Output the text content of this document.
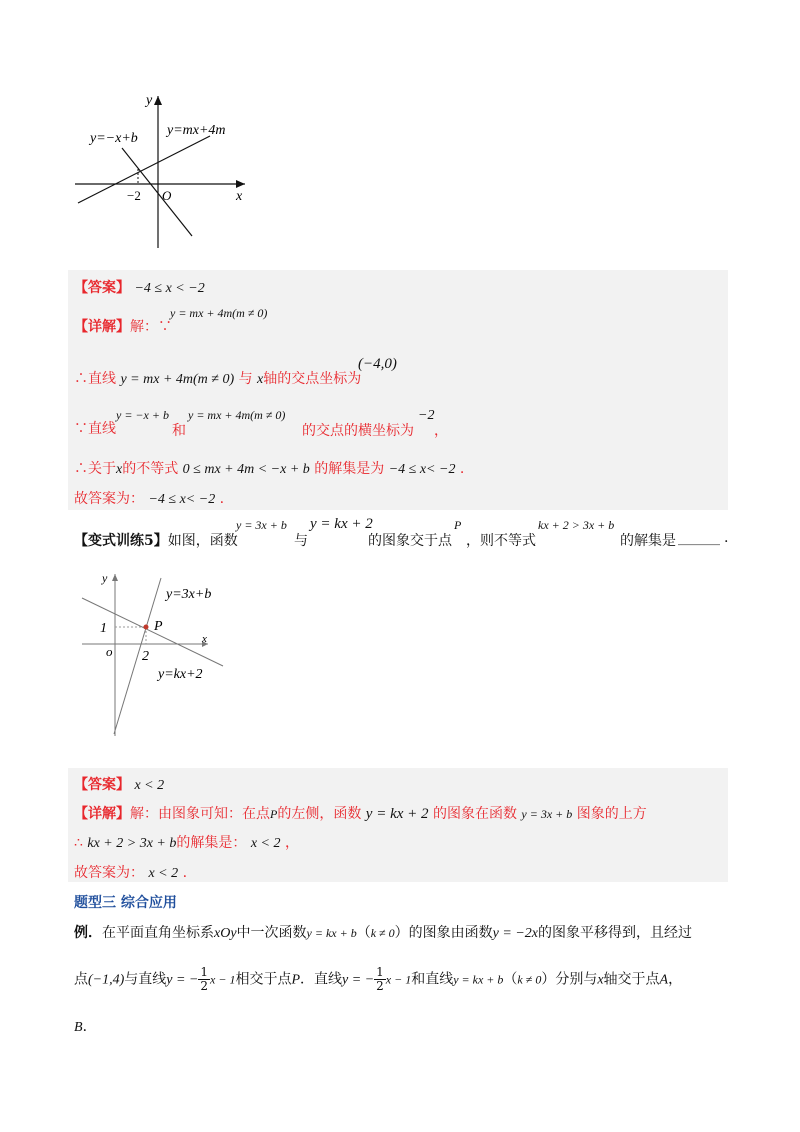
y
x
O
−2
y=−x+b
y=mx+4m
【答案】 −4 ≤ x < −2
【详解】解：∵
y = mx + 4m(m ≠ 0)
∴直线 y = mx + 4m(m ≠ 0) 与 x轴的交点坐标为
(−4,0)
∵直线
y = −x + b
和
y = mx + 4m(m ≠ 0)
的交点的横坐标为
−2
，
∴关于x的不等式 0 ≤ mx + 4m < −x + b 的解集是为 −4 ≤ x< −2 .
故答案为： −4 ≤ x< −2 .
【变式训练5】如图，函数
y = 3x + b
与
y = kx + 2
的图象交于点
P
，则不等式
kx + 2 > 3x + b
的解集是 ______ .
y
x
o
1
2
P
y=3x+b
y=kx+2
【答案】 x < 2
【详解】解：由图象可知：在点P的左侧，函数 y = kx + 2 的图象在函数 y = 3x + b 图象的上方
∴ kx + 2 > 3x + b的解集是： x < 2 ，
故答案为： x < 2 .
题型三 综合应用
例．在平面直角坐标系xOy中一次函数y = kx + b（k ≠ 0）的图象由函数y = −2x的图象平移得到，且经过
点(−1,4)与直线y = − $\frac{1}{2}$ x − 1相交于点P．直线y = − $\frac{1}{2}$ x − 1和直线y = kx + b（k ≠ 0）分别与x轴交于点A，
B．
